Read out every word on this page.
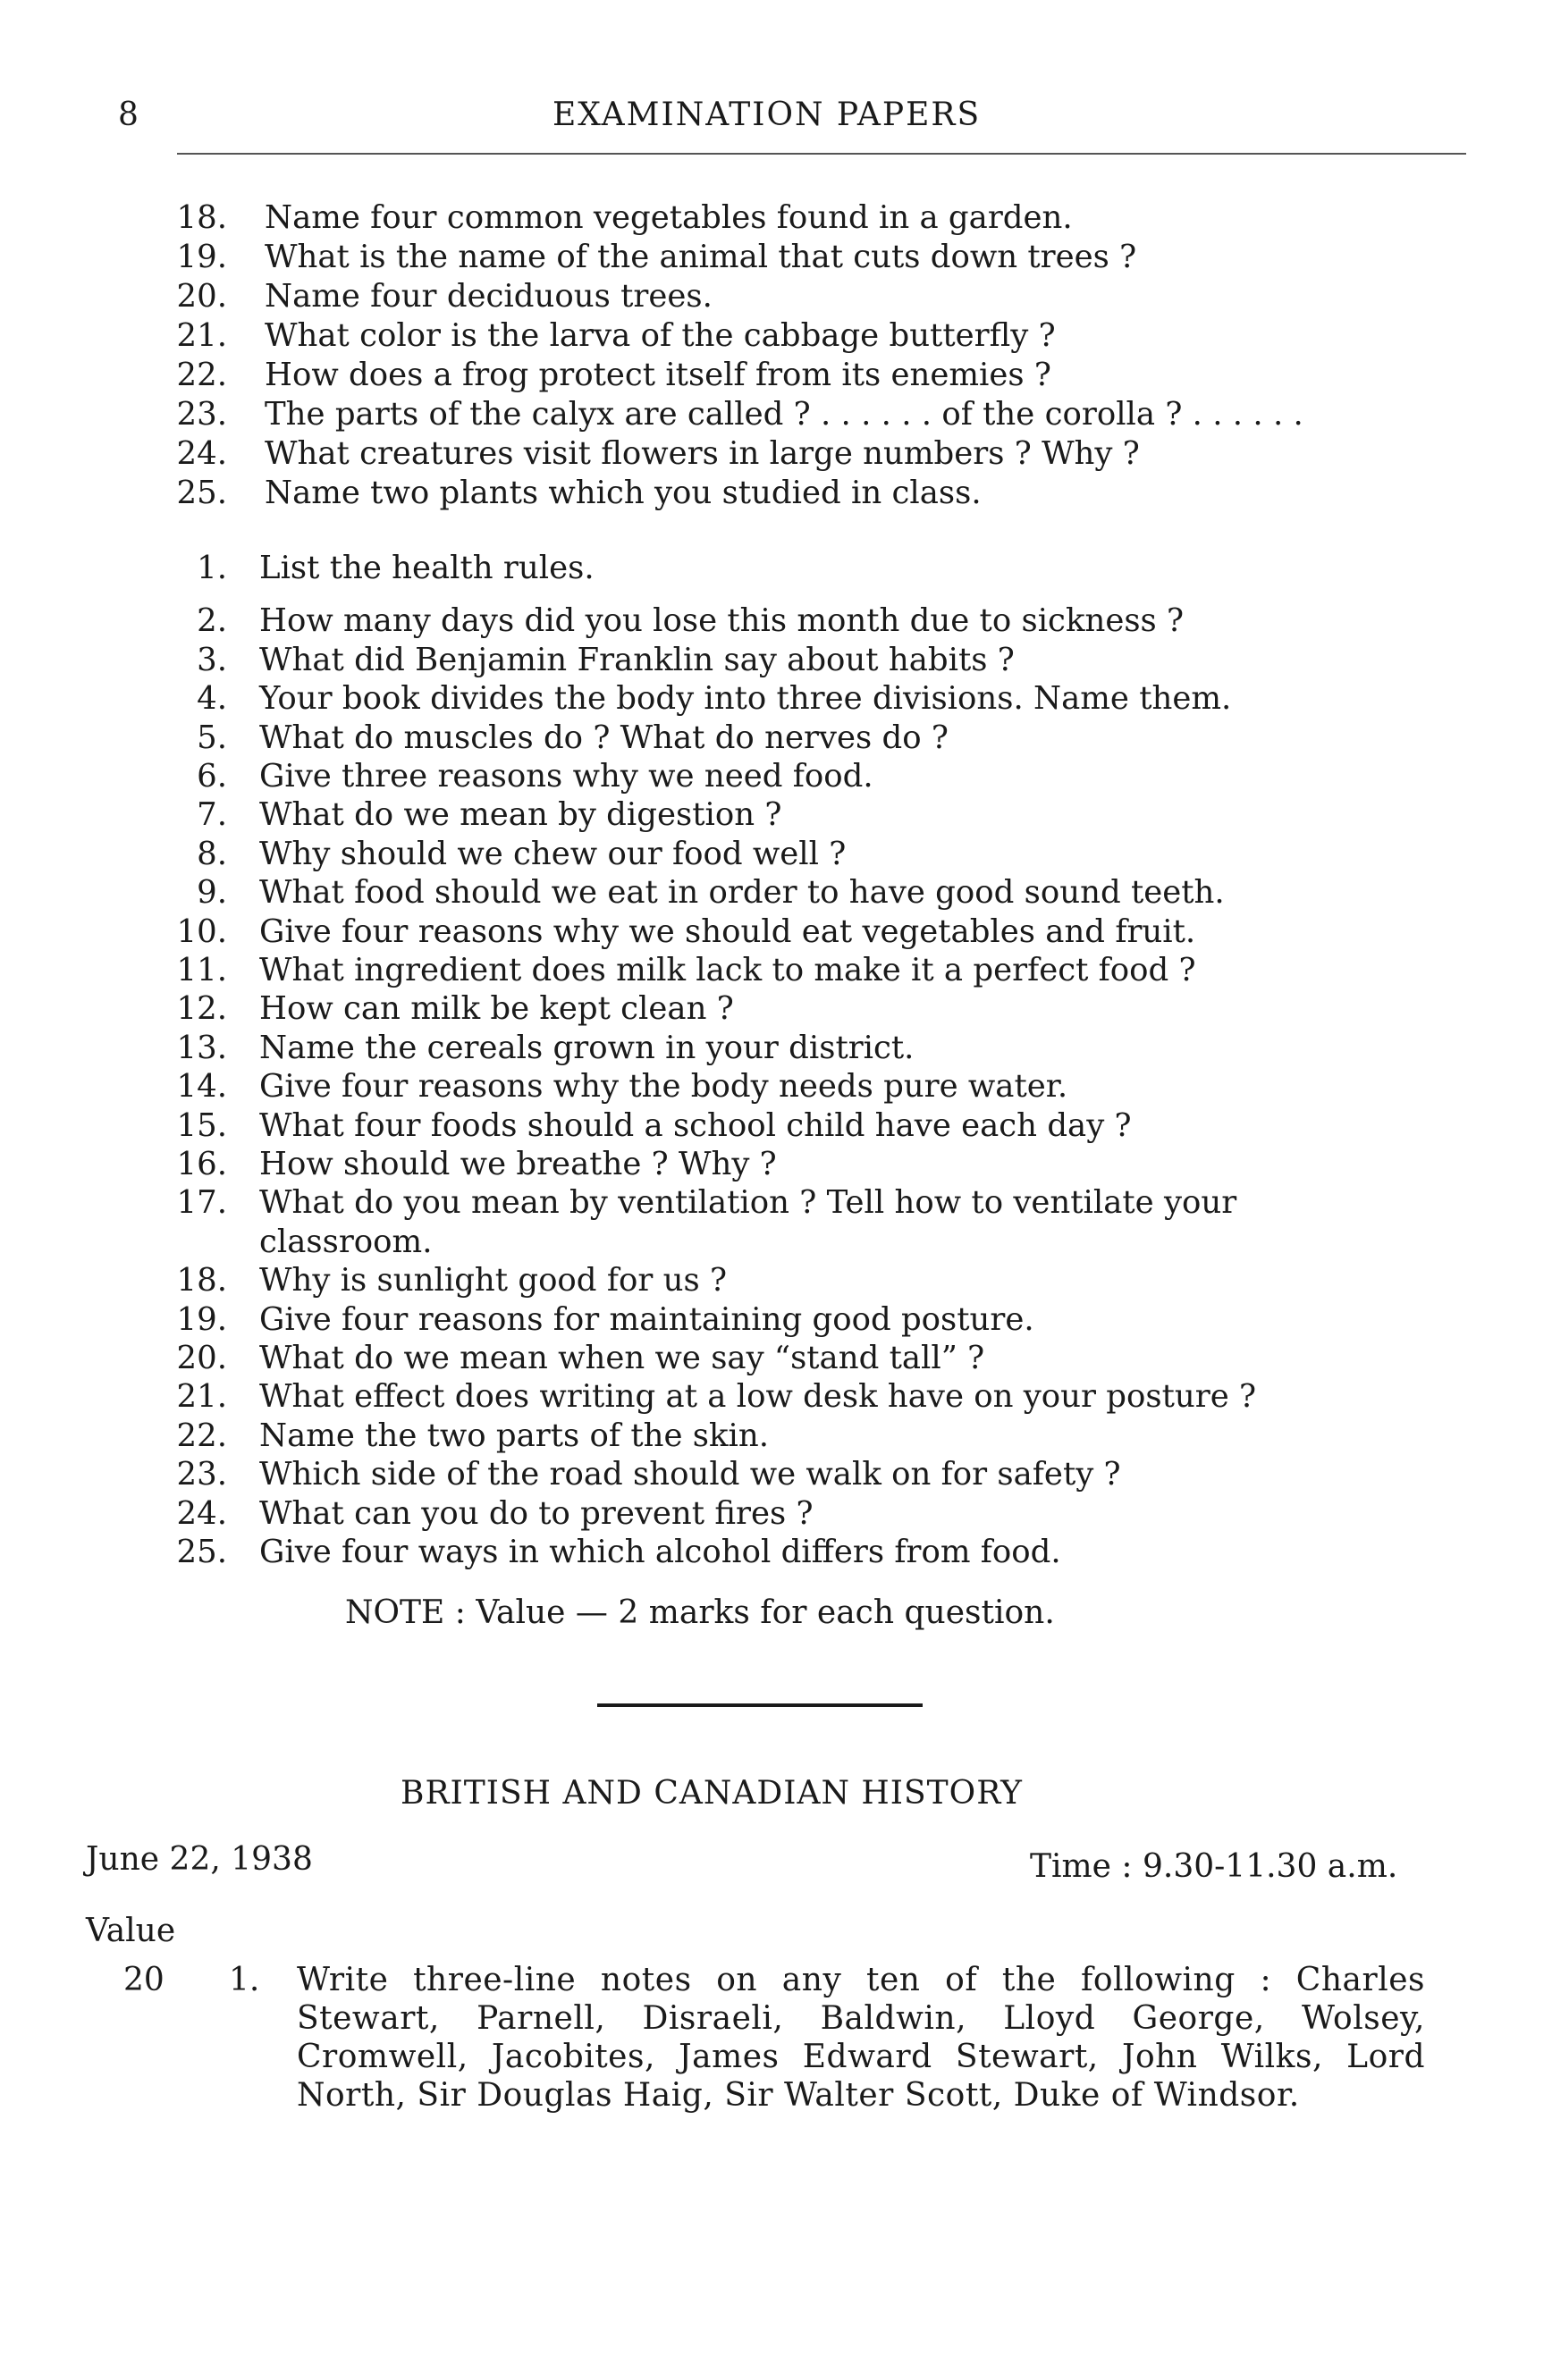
8	EXAMINATION PAPERS
18. Name four common vegetables found in a garden.
19. What is the name of the animal that cuts down trees ?
20. Name four deciduous trees.
21. What color is the larva of the cabbage butterfly ?
22. How does a frog protect itself from its enemies ?
23. The parts of the calyx are called ? . . . . . . of the corolla ? . . . . . .
24. What creatures visit flowers in large numbers ? Why ?
25. Name two plants which you studied in class.
1. List the health rules.
2. How many days did you lose this month due to sickness ?
3. What did Benjamin Franklin say about habits ?
4. Your book divides the body into three divisions. Name them.
5. What do muscles do ? What do nerves do ?
6. Give three reasons why we need food.
7. What do we mean by digestion ?
8. Why should we chew our food well ?
9. What food should we eat in order to have good sound teeth.
10. Give four reasons why we should eat vegetables and fruit.
11. What ingredient does milk lack to make it a perfect food ?
12. How can milk be kept clean ?
13. Name the cereals grown in your district.
14. Give four reasons why the body needs pure water.
15. What four foods should a school child have each day ?
16. How should we breathe ? Why ?
17. What do you mean by ventilation ? Tell how to ventilate your
classroom.
18. Why is sunlight good for us ?
19. Give four reasons for maintaining good posture.
20. What do we mean when we say “stand tall” ?
21. What effect does writing at a low desk have on your posture ?
22. Name the two parts of the skin.
23. Which side of the road should we walk on for safety ?
24. What can you do to prevent fires ?
25. Give four ways in which alcohol differs from food.
NOTE : Value — 2 marks for each question.
BRITISH AND CANADIAN HISTORY
June 22, 1938	Time : 9.30-11.30 a.m.
Value
20 1. Write three-line notes on any ten of the following : Charles Stewart, Parnell, Disraeli, Baldwin, Lloyd George, Wolsey, Cromwell, Jacobites, James Edward Stewart, John Wilks, Lord North, Sir Douglas Haig, Sir Walter Scott, Duke of Windsor.
